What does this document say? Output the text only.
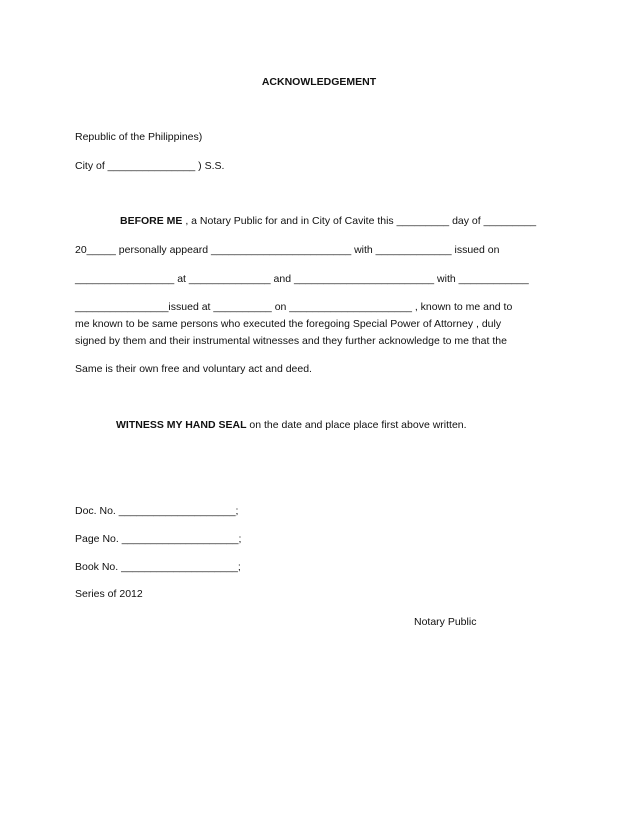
ACKNOWLEDGEMENT
Republic of the Philippines)
City of _______________ ) S.S.
BEFORE ME , a Notary Public for and in City of Cavite this _________ day of _________
20_____ personally appeard ________________________ with _____________ issued on
_________________ at ______________ and ________________________ with ____________
________________issued at __________ on _____________________ , known to me and to
me known to be same persons who executed the foregoing Special Power of Attorney , duly
signed by them and their instrumental witnesses and they further acknowledge to me that the
Same is their own free and voluntary act and deed.
WITNESS MY HAND SEAL on the date and place place first above written.
Doc. No. ____________________;
Page No. ____________________;
Book No. ____________________;
Series of 2012
Notary Public
